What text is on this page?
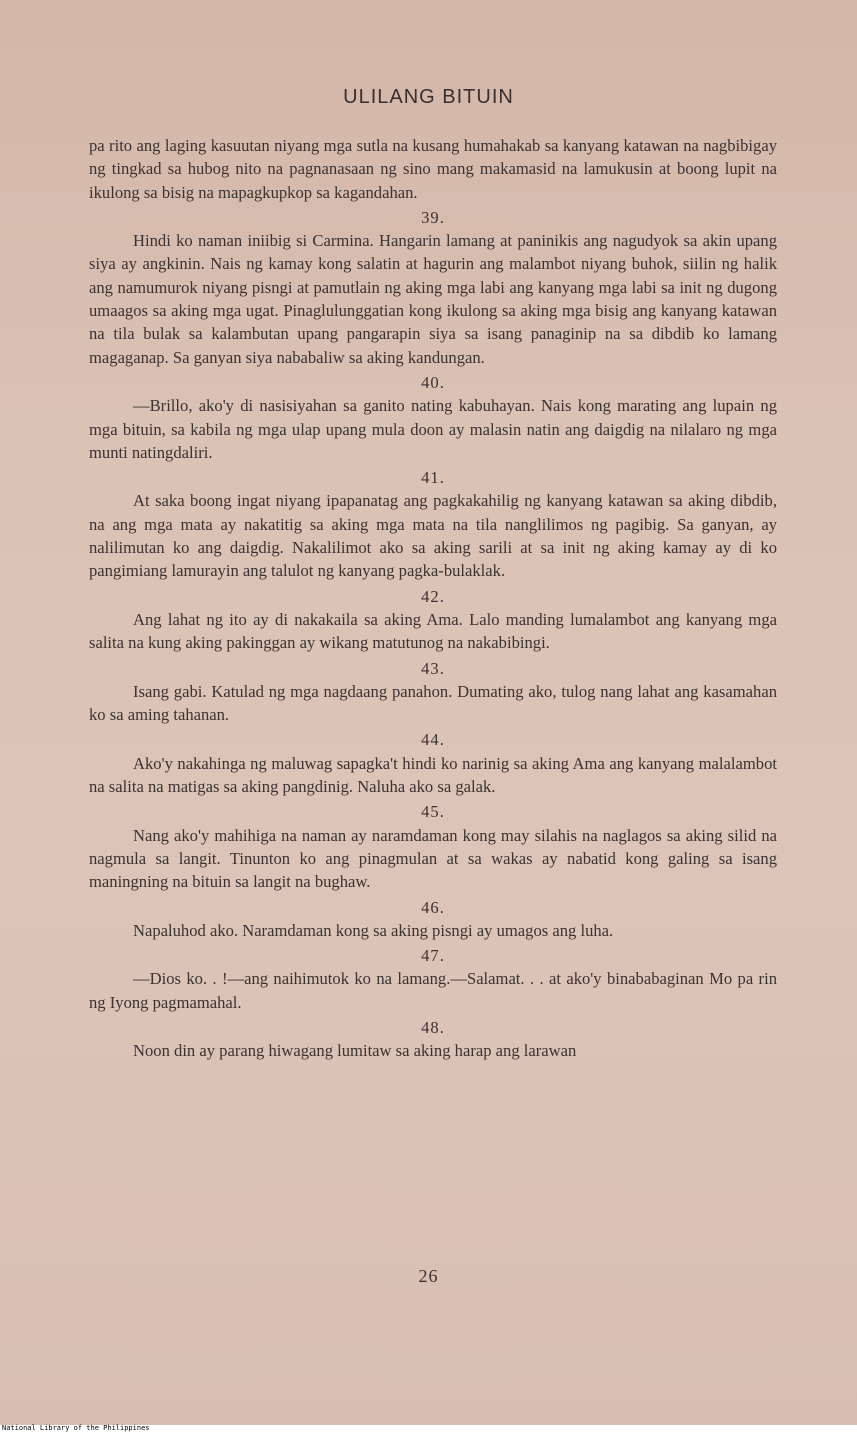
ULILANG BITUIN

pa rito ang laging kasuutan niyang mga sutla na kusang humahakab sa kanyang katawan na nagbibigay ng tingkad sa hubog nito na pagnanasaan ng sino mang makamasid na lamukusin at boong lupit na ikulong sa bisig na mapagkupkop sa kagandahan.

39.

Hindi ko naman iniibig si Carmina. Hangarin lamang at paninikis ang nagudyok sa akin upang siya ay angkinin. Nais ng kamay kong salatin at hagurin ang malambot niyang buhok, siilin ng halik ang namumurok niyang pisngi at pamutlain ng aking mga labi ang kanyang mga labi sa init ng dugong umaagos sa aking mga ugat. Pinaglulunggatian kong ikulong sa aking mga bisig ang kanyang katawan na tila bulak sa kalambutan upang pangarapin siya sa isang panaginip na sa dibdib ko lamang magaganap. Sa ganyan siya nababaliw sa aking kandungan.

40.

—Brillo, ako'y di nasisiyahan sa ganito nating kabuhayan. Nais kong marating ang lupain ng mga bituin, sa kabila ng mga ulap upang mula doon ay malasin natin ang daigdig na nilalaro ng mga munti natingdaliri.

41.

At saka boong ingat niyang ipapanatag ang pagkakahilig ng kanyang katawan sa aking dibdib, na ang mga mata ay nakatitig sa aking mga mata na tila nanglilimos ng pagibig. Sa ganyan, ay nalilimutan ko ang daigdig. Nakalilimot ako sa aking sarili at sa init ng aking kamay ay di ko pangimiang lamurayin ang talulot ng kanyang pagka-bulaklak.

42.

Ang lahat ng ito ay di nakakaila sa aking Ama. Lalo manding lumalambot ang kanyang mga salita na kung aking pakinggan ay wikang matutunog na nakabibingi.

43.

Isang gabi. Katulad ng mga nagdaang panahon. Dumating ako, tulog nang lahat ang kasamahan ko sa aming tahanan.

44.

Ako'y nakahinga ng maluwag sapagka't hindi ko narinig sa aking Ama ang kanyang malalambot na salita na matigas sa aking pangdinig. Naluha ako sa galak.

45.

Nang ako'y mahihiga na naman ay naramdaman kong may silahis na naglagos sa aking silid na nagmula sa langit. Tinunton ko ang pinagmulan at sa wakas ay nabatid kong galing sa isang maningning na bituin sa langit na bughaw.

46.

Napaluhod ako. Naramdaman kong sa aking pisngi ay umagos ang luha.

47.

—Dios ko. . !—ang naihimutok ko na lamang.—Salamat. . . at ako'y binababaginan Mo pa rin ng Iyong pagmamahal.

48.

Noon din ay parang hiwagang lumitaw sa aking harap ang larawan

26
National Library of the Philippines
